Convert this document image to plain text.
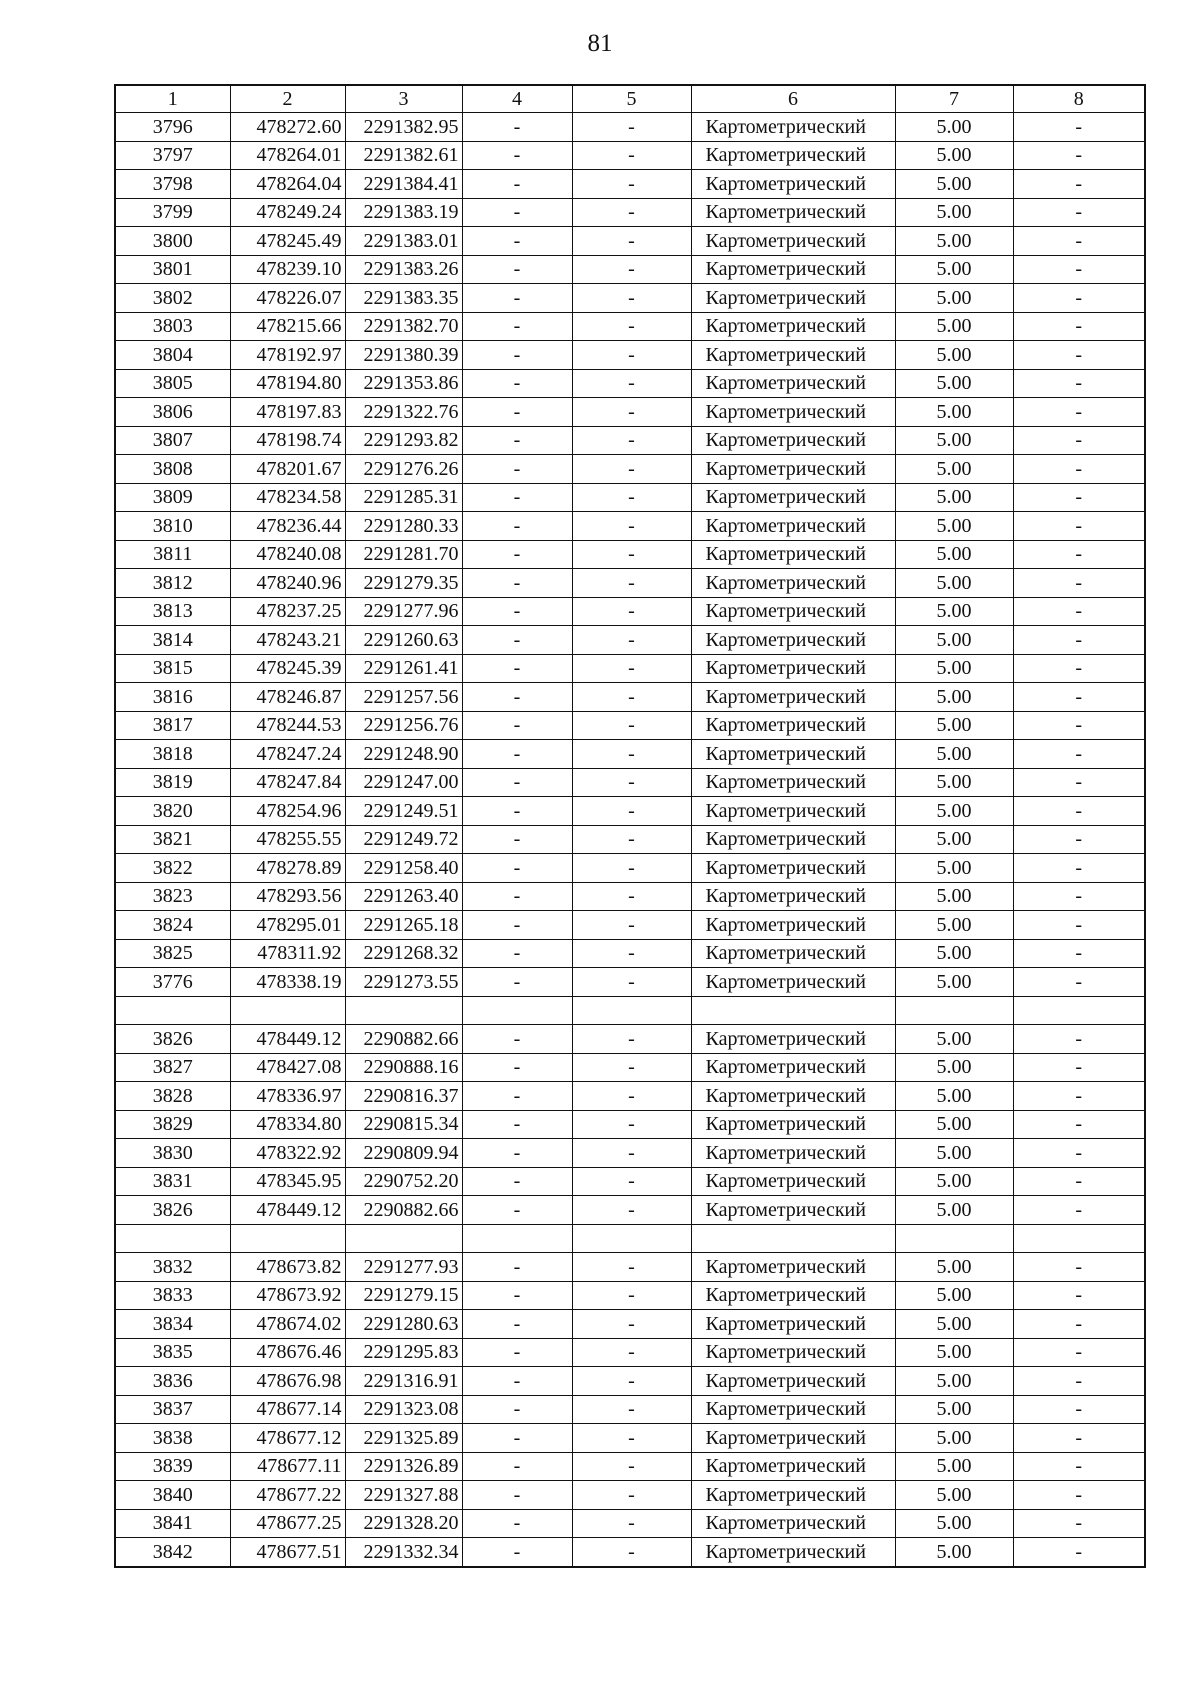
81
1	2	3	4	5	6	7	8
3796	478272.60	2291382.95	-	-	Картометрический	5.00	-
3797	478264.01	2291382.61	-	-	Картометрический	5.00	-
3798	478264.04	2291384.41	-	-	Картометрический	5.00	-
3799	478249.24	2291383.19	-	-	Картометрический	5.00	-
3800	478245.49	2291383.01	-	-	Картометрический	5.00	-
3801	478239.10	2291383.26	-	-	Картометрический	5.00	-
3802	478226.07	2291383.35	-	-	Картометрический	5.00	-
3803	478215.66	2291382.70	-	-	Картометрический	5.00	-
3804	478192.97	2291380.39	-	-	Картометрический	5.00	-
3805	478194.80	2291353.86	-	-	Картометрический	5.00	-
3806	478197.83	2291322.76	-	-	Картометрический	5.00	-
3807	478198.74	2291293.82	-	-	Картометрический	5.00	-
3808	478201.67	2291276.26	-	-	Картометрический	5.00	-
3809	478234.58	2291285.31	-	-	Картометрический	5.00	-
3810	478236.44	2291280.33	-	-	Картометрический	5.00	-
3811	478240.08	2291281.70	-	-	Картометрический	5.00	-
3812	478240.96	2291279.35	-	-	Картометрический	5.00	-
3813	478237.25	2291277.96	-	-	Картометрический	5.00	-
3814	478243.21	2291260.63	-	-	Картометрический	5.00	-
3815	478245.39	2291261.41	-	-	Картометрический	5.00	-
3816	478246.87	2291257.56	-	-	Картометрический	5.00	-
3817	478244.53	2291256.76	-	-	Картометрический	5.00	-
3818	478247.24	2291248.90	-	-	Картометрический	5.00	-
3819	478247.84	2291247.00	-	-	Картометрический	5.00	-
3820	478254.96	2291249.51	-	-	Картометрический	5.00	-
3821	478255.55	2291249.72	-	-	Картометрический	5.00	-
3822	478278.89	2291258.40	-	-	Картометрический	5.00	-
3823	478293.56	2291263.40	-	-	Картометрический	5.00	-
3824	478295.01	2291265.18	-	-	Картометрический	5.00	-
3825	478311.92	2291268.32	-	-	Картометрический	5.00	-
3776	478338.19	2291273.55	-	-	Картометрический	5.00	-

3826	478449.12	2290882.66	-	-	Картометрический	5.00	-
3827	478427.08	2290888.16	-	-	Картометрический	5.00	-
3828	478336.97	2290816.37	-	-	Картометрический	5.00	-
3829	478334.80	2290815.34	-	-	Картометрический	5.00	-
3830	478322.92	2290809.94	-	-	Картометрический	5.00	-
3831	478345.95	2290752.20	-	-	Картометрический	5.00	-
3826	478449.12	2290882.66	-	-	Картометрический	5.00	-

3832	478673.82	2291277.93	-	-	Картометрический	5.00	-
3833	478673.92	2291279.15	-	-	Картометрический	5.00	-
3834	478674.02	2291280.63	-	-	Картометрический	5.00	-
3835	478676.46	2291295.83	-	-	Картометрический	5.00	-
3836	478676.98	2291316.91	-	-	Картометрический	5.00	-
3837	478677.14	2291323.08	-	-	Картометрический	5.00	-
3838	478677.12	2291325.89	-	-	Картометрический	5.00	-
3839	478677.11	2291326.89	-	-	Картометрический	5.00	-
3840	478677.22	2291327.88	-	-	Картометрический	5.00	-
3841	478677.25	2291328.20	-	-	Картометрический	5.00	-
3842	478677.51	2291332.34	-	-	Картометрический	5.00	-
